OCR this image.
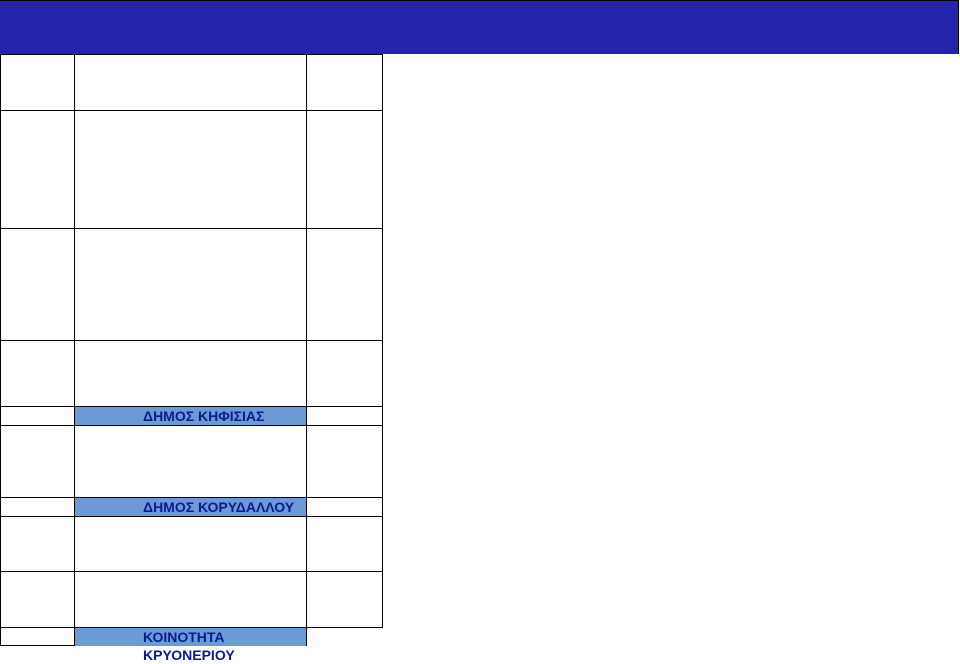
ΔΗΜΟΣ ΚΗΦΙΣΙΑΣ
ΔΗΜΟΣ ΚΟΡΥΔΑΛΛΟΥ
ΚΟΙΝΟΤΗΤΑ ΚΡΥΟΝΕΡΙΟΥ
